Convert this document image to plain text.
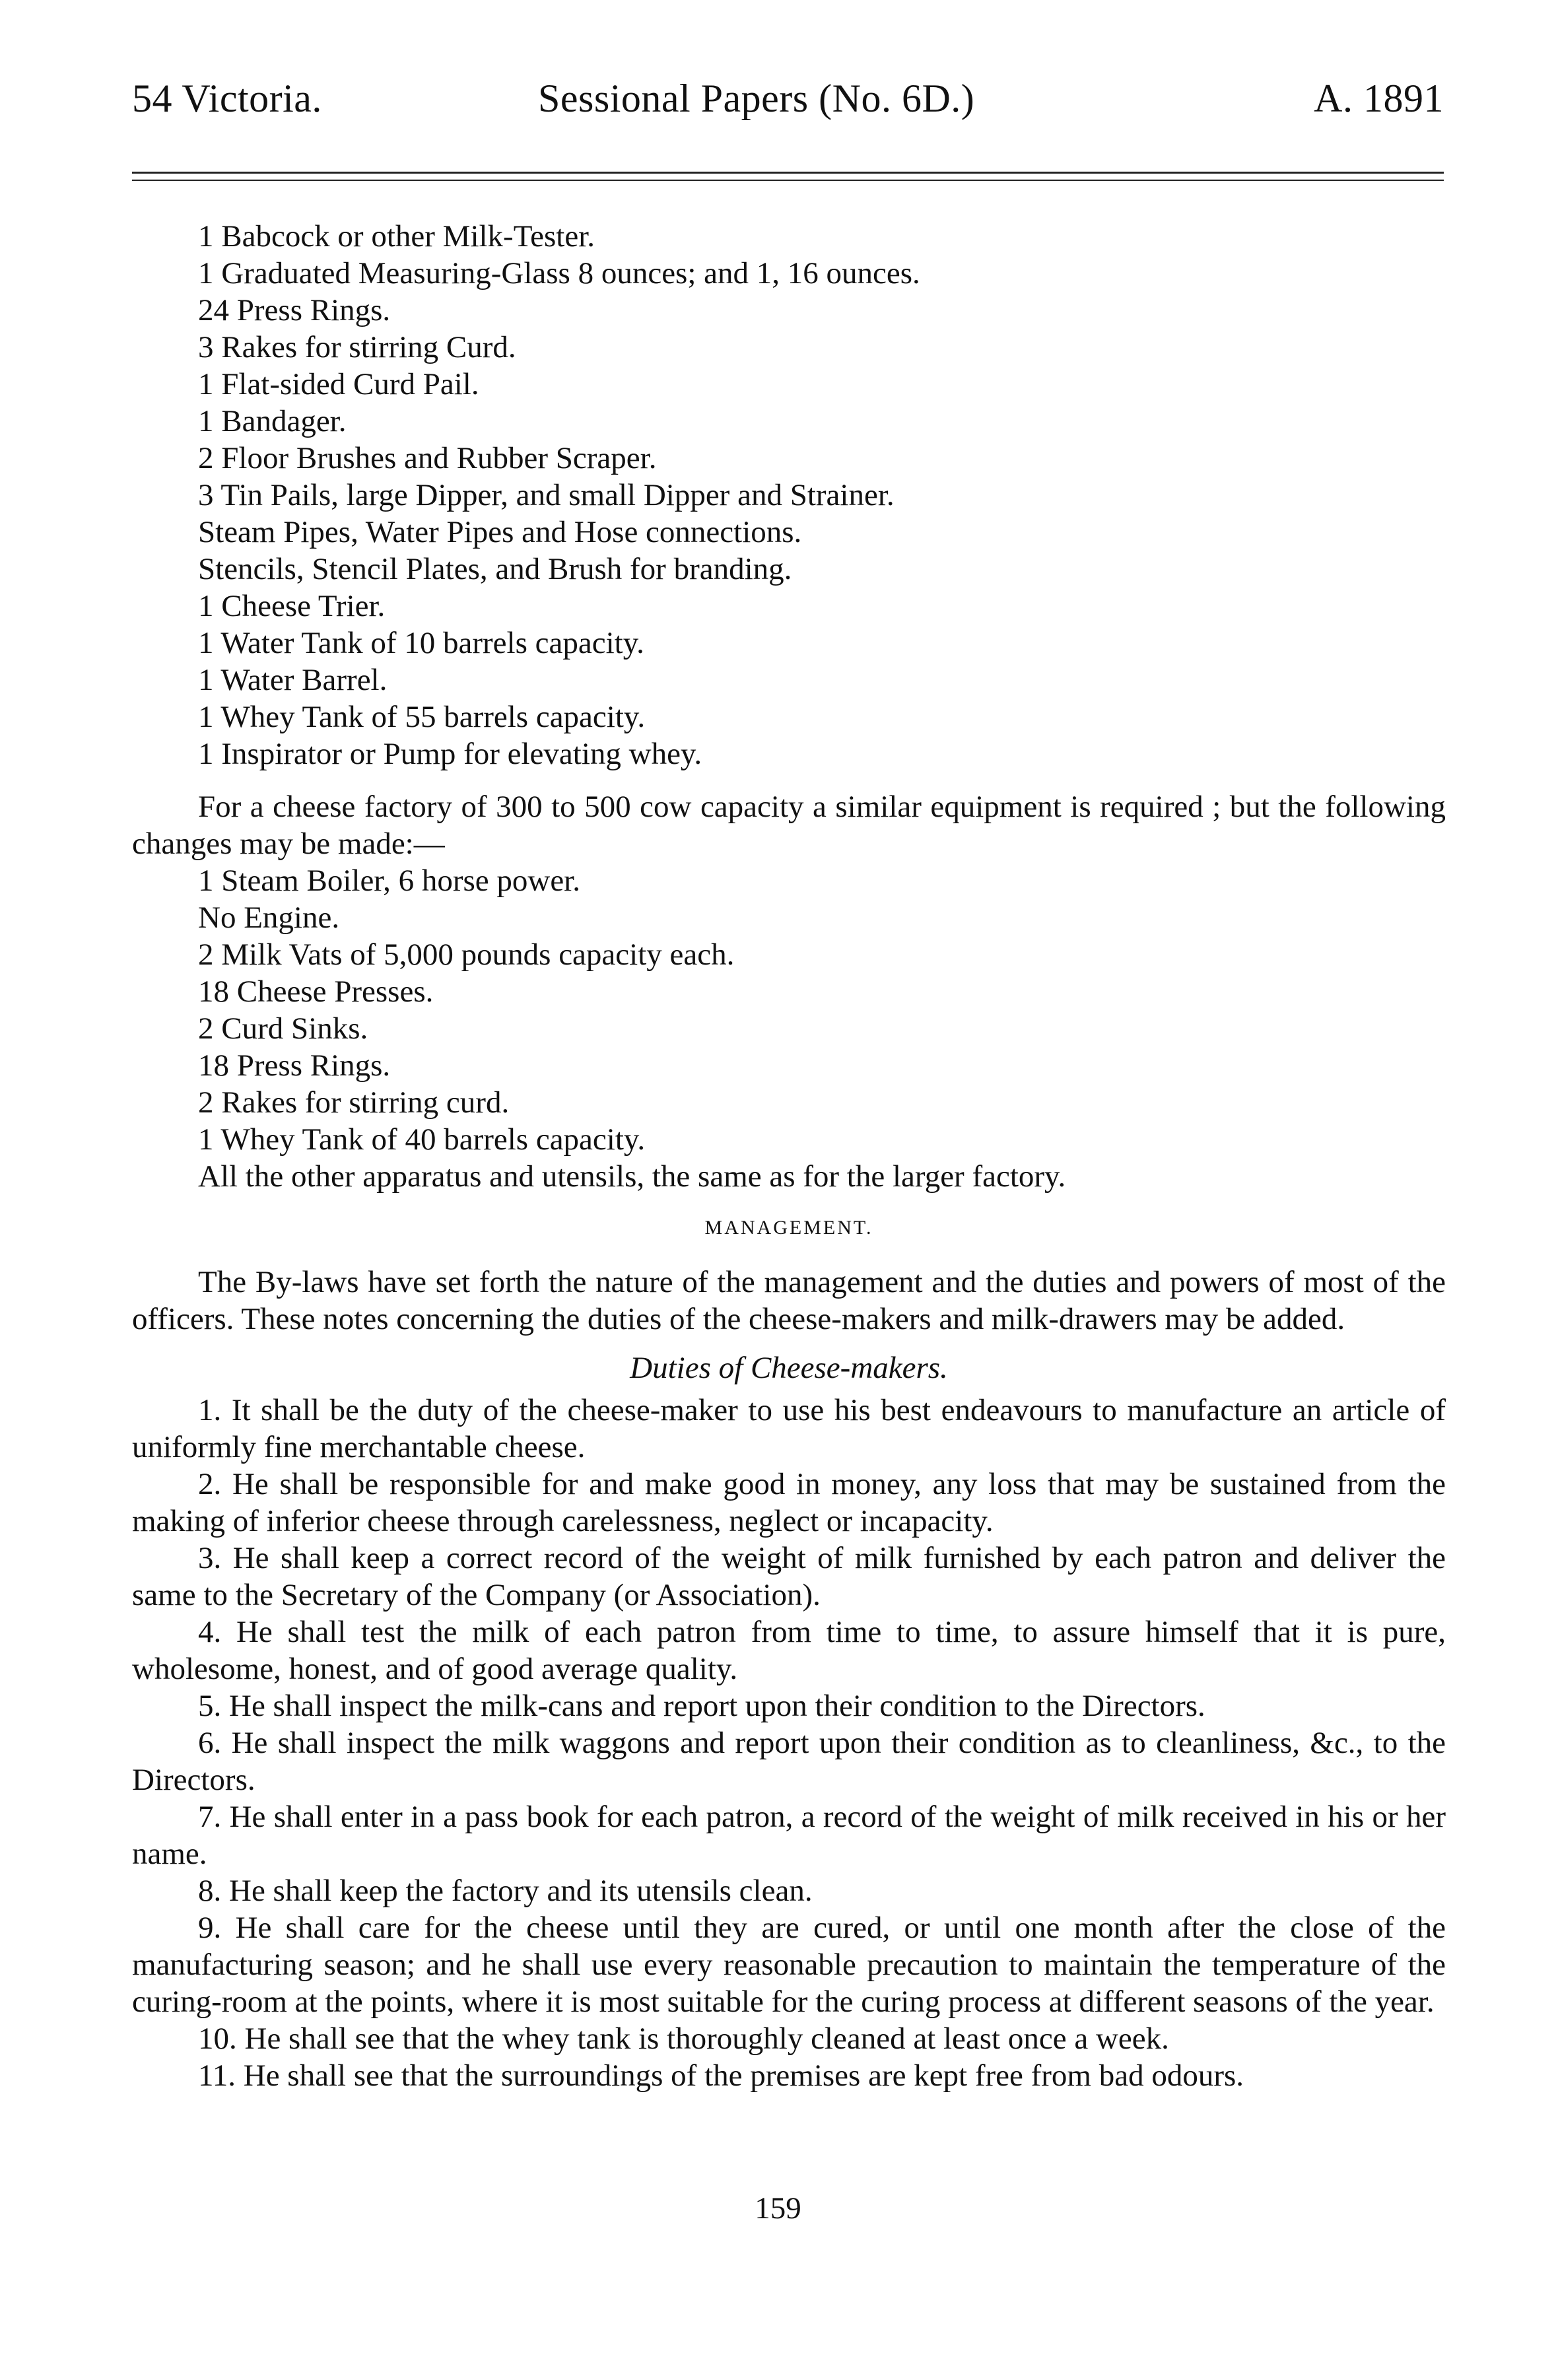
54 Victoria.	Sessional Papers (No. 6D.)	A. 1891
1 Babcock or other Milk-Tester.
1 Graduated Measuring-Glass 8 ounces; and 1, 16 ounces.
24 Press Rings.
3 Rakes for stirring Curd.
1 Flat-sided Curd Pail.
1 Bandager.
2 Floor Brushes and Rubber Scraper.
3 Tin Pails, large Dipper, and small Dipper and Strainer.
Steam Pipes, Water Pipes and Hose connections.
Stencils, Stencil Plates, and Brush for branding.
1 Cheese Trier.
1 Water Tank of 10 barrels capacity.
1 Water Barrel.
1 Whey Tank of 55 barrels capacity.
1 Inspirator or Pump for elevating whey.
For a cheese factory of 300 to 500 cow capacity a similar equipment is required ; but the following changes may be made:—
1 Steam Boiler, 6 horse power.
No Engine.
2 Milk Vats of 5,000 pounds capacity each.
18 Cheese Presses.
2 Curd Sinks.
18 Press Rings.
2 Rakes for stirring curd.
1 Whey Tank of 40 barrels capacity.
All the other apparatus and utensils, the same as for the larger factory.
MANAGEMENT.
The By-laws have set forth the nature of the management and the duties and powers of most of the officers. These notes concerning the duties of the cheese-makers and milk-drawers may be added.
Duties of Cheese-makers.
1. It shall be the duty of the cheese-maker to use his best endeavours to manufacture an article of uniformly fine merchantable cheese.
2. He shall be responsible for and make good in money, any loss that may be sustained from the making of inferior cheese through carelessness, neglect or incapacity.
3. He shall keep a correct record of the weight of milk furnished by each patron and deliver the same to the Secretary of the Company (or Association).
4. He shall test the milk of each patron from time to time, to assure himself that it is pure, wholesome, honest, and of good average quality.
5. He shall inspect the milk-cans and report upon their condition to the Directors.
6. He shall inspect the milk waggons and report upon their condition as to cleanliness, &c., to the Directors.
7. He shall enter in a pass book for each patron, a record of the weight of milk received in his or her name.
8. He shall keep the factory and its utensils clean.
9. He shall care for the cheese until they are cured, or until one month after the close of the manufacturing season; and he shall use every reasonable precaution to maintain the temperature of the curing-room at the points, where it is most suitable for the curing process at different seasons of the year.
10. He shall see that the whey tank is thoroughly cleaned at least once a week.
11. He shall see that the surroundings of the premises are kept free from bad odours.
159
